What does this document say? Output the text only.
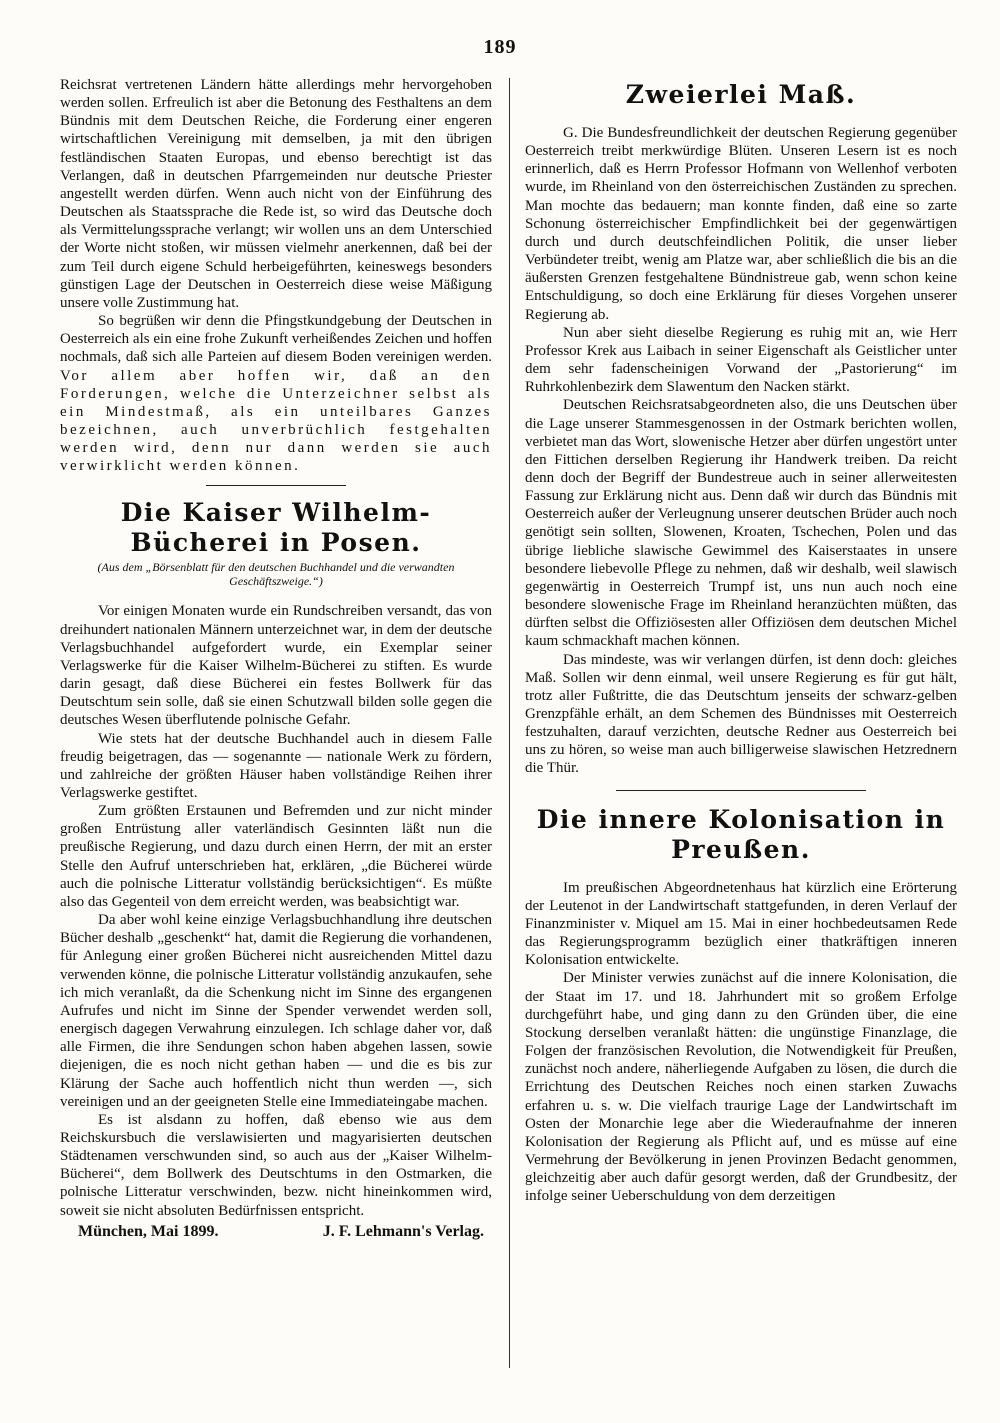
189

Reichsrat vertretenen Ländern hätte allerdings mehr hervorgehoben werden sollen. Erfreulich ist aber die Betonung des Festhaltens an dem Bündnis mit dem Deutschen Reiche, die Forderung einer engeren wirtschaftlichen Vereinigung mit demselben, ja mit den übrigen festländischen Staaten Europas, und ebenso berechtigt ist das Verlangen, daß in deutschen Pfarrgemeinden nur deutsche Priester angestellt werden dürfen. Wenn auch nicht von der Einführung des Deutschen als Staatssprache die Rede ist, so wird das Deutsche doch als Vermittelungssprache verlangt; wir wollen uns an dem Unterschied der Worte nicht stoßen, wir müssen vielmehr anerkennen, daß bei der zum Teil durch eigene Schuld herbeigeführten, keineswegs besonders günstigen Lage der Deutschen in Oesterreich diese weise Mäßigung unsere volle Zustimmung hat.

So begrüßen wir denn die Pfingstkundgebung der Deutschen in Oesterreich als ein eine frohe Zukunft verheißendes Zeichen und hoffen nochmals, daß sich alle Parteien auf diesem Boden vereinigen werden. Vor allem aber hoffen wir, daß an den Forderungen, welche die Unterzeichner selbst als ein Mindestmaß, als ein unteilbares Ganzes bezeichnen, auch unverbrüchlich festgehalten werden wird, denn nur dann werden sie auch verwirklicht werden können.

Die Kaiser Wilhelm-Bücherei in Posen.
(Aus dem „Börsenblatt für den deutschen Buchhandel und die verwandten Geschäftszweige.“)

Vor einigen Monaten wurde ein Rundschreiben versandt, das von dreihundert nationalen Männern unterzeichnet war, in dem der deutsche Verlagsbuchhandel aufgefordert wurde, ein Exemplar seiner Verlagswerke für die Kaiser Wilhelm-Bücherei zu stiften. Es wurde darin gesagt, daß diese Bücherei ein festes Bollwerk für das Deutschtum sein solle, daß sie einen Schutzwall bilden solle gegen die deutsches Wesen überflutende polnische Gefahr.

Wie stets hat der deutsche Buchhandel auch in diesem Falle freudig beigetragen, das — sogenannte — nationale Werk zu fördern, und zahlreiche der größten Häuser haben vollständige Reihen ihrer Verlagswerke gestiftet.

Zum größten Erstaunen und Befremden und zur nicht minder großen Entrüstung aller vaterländisch Gesinnten läßt nun die preußische Regierung, und dazu durch einen Herrn, der mit an erster Stelle den Aufruf unterschrieben hat, erklären, „die Bücherei würde auch die polnische Litteratur vollständig berücksichtigen“. Es müßte also das Gegenteil von dem erreicht werden, was beabsichtigt war.

Da aber wohl keine einzige Verlagsbuchhandlung ihre deutschen Bücher deshalb „geschenkt“ hat, damit die Regierung die vorhandenen, für Anlegung einer großen Bücherei nicht ausreichenden Mittel dazu verwenden könne, die polnische Litteratur vollständig anzukaufen, sehe ich mich veranlaßt, da die Schenkung nicht im Sinne des ergangenen Aufrufes und nicht im Sinne der Spender verwendet werden soll, energisch dagegen Verwahrung einzulegen. Ich schlage daher vor, daß alle Firmen, die ihre Sendungen schon haben abgehen lassen, sowie diejenigen, die es noch nicht gethan haben — und die es bis zur Klärung der Sache auch hoffentlich nicht thun werden —, sich vereinigen und an der geeigneten Stelle eine Immediateingabe machen.

Es ist alsdann zu hoffen, daß ebenso wie aus dem Reichskursbuch die verslawisierten und magyarisierten deutschen Städtenamen verschwunden sind, so auch aus der „Kaiser Wilhelm-Bücherei“, dem Bollwerk des Deutschtums in den Ostmarken, die polnische Litteratur verschwinden, bezw. nicht hineinkommen wird, soweit sie nicht absoluten Bedürfnissen entspricht.

München, Mai 1899.	J. F. Lehmann's Verlag.
Zweierlei Maß.

G. Die Bundesfreundlichkeit der deutschen Regierung gegenüber Oesterreich treibt merkwürdige Blüten. Unseren Lesern ist es noch erinnerlich, daß es Herrn Professor Hofmann von Wellenhof verboten wurde, im Rheinland von den österreichischen Zuständen zu sprechen. Man mochte das bedauern; man konnte finden, daß eine so zarte Schonung österreichischer Empfindlichkeit bei der gegenwärtigen durch und durch deutschfeindlichen Politik, die unser lieber Verbündeter treibt, wenig am Platze war, aber schließlich die bis an die äußersten Grenzen festgehaltene Bündnistreue gab, wenn schon keine Entschuldigung, so doch eine Erklärung für dieses Vorgehen unserer Regierung ab.

Nun aber sieht dieselbe Regierung es ruhig mit an, wie Herr Professor Krek aus Laibach in seiner Eigenschaft als Geistlicher unter dem sehr fadenscheinigen Vorwand der „Pastorierung“ im Ruhrkohlenbezirk dem Slawentum den Nacken stärkt.

Deutschen Reichsratsabgeordneten also, die uns Deutschen über die Lage unserer Stammesgenossen in der Ostmark berichten wollen, verbietet man das Wort, slowenische Hetzer aber dürfen ungestört unter den Fittichen derselben Regierung ihr Handwerk treiben. Da reicht denn doch der Begriff der Bundestreue auch in seiner allerweitesten Fassung zur Erklärung nicht aus. Denn daß wir durch das Bündnis mit Oesterreich außer der Verleugnung unserer deutschen Brüder auch noch genötigt sein sollten, Slowenen, Kroaten, Tschechen, Polen und das übrige liebliche slawische Gewimmel des Kaiserstaates in unsere besondere liebevolle Pflege zu nehmen, daß wir deshalb, weil slawisch gegenwärtig in Oesterreich Trumpf ist, uns nun auch noch eine besondere slowenische Frage im Rheinland heranzüchten müßten, das dürften selbst die Offiziösesten aller Offiziösen dem deutschen Michel kaum schmackhaft machen können.

Das mindeste, was wir verlangen dürfen, ist denn doch: gleiches Maß. Sollen wir denn einmal, weil unsere Regierung es für gut hält, trotz aller Fußtritte, die das Deutschtum jenseits der schwarz-gelben Grenzpfähle erhält, an dem Schemen des Bündnisses mit Oesterreich festzuhalten, darauf verzichten, deutsche Redner aus Oesterreich bei uns zu hören, so weise man auch billigerweise slawischen Hetzrednern die Thür.

Die innere Kolonisation in Preußen.

Im preußischen Abgeordnetenhaus hat kürzlich eine Erörterung der Leutenot in der Landwirtschaft stattgefunden, in deren Verlauf der Finanzminister v. Miquel am 15. Mai in einer hochbedeutsamen Rede das Regierungsprogramm bezüglich einer thatkräftigen inneren Kolonisation entwickelte.

Der Minister verwies zunächst auf die innere Kolonisation, die der Staat im 17. und 18. Jahrhundert mit so großem Erfolge durchgeführt habe, und ging dann zu den Gründen über, die eine Stockung derselben veranlaßt hätten: die ungünstige Finanzlage, die Folgen der französischen Revolution, die Notwendigkeit für Preußen, zunächst noch andere, näherliegende Aufgaben zu lösen, die durch die Errichtung des Deutschen Reiches noch einen starken Zuwachs erfahren u. s. w. Die vielfach traurige Lage der Landwirtschaft im Osten der Monarchie lege aber die Wiederaufnahme der inneren Kolonisation der Regierung als Pflicht auf, und es müsse auf eine Vermehrung der Bevölkerung in jenen Provinzen Bedacht genommen, gleichzeitig aber auch dafür gesorgt werden, daß der Grundbesitz, der infolge seiner Ueberschuldung von dem derzeitigen
